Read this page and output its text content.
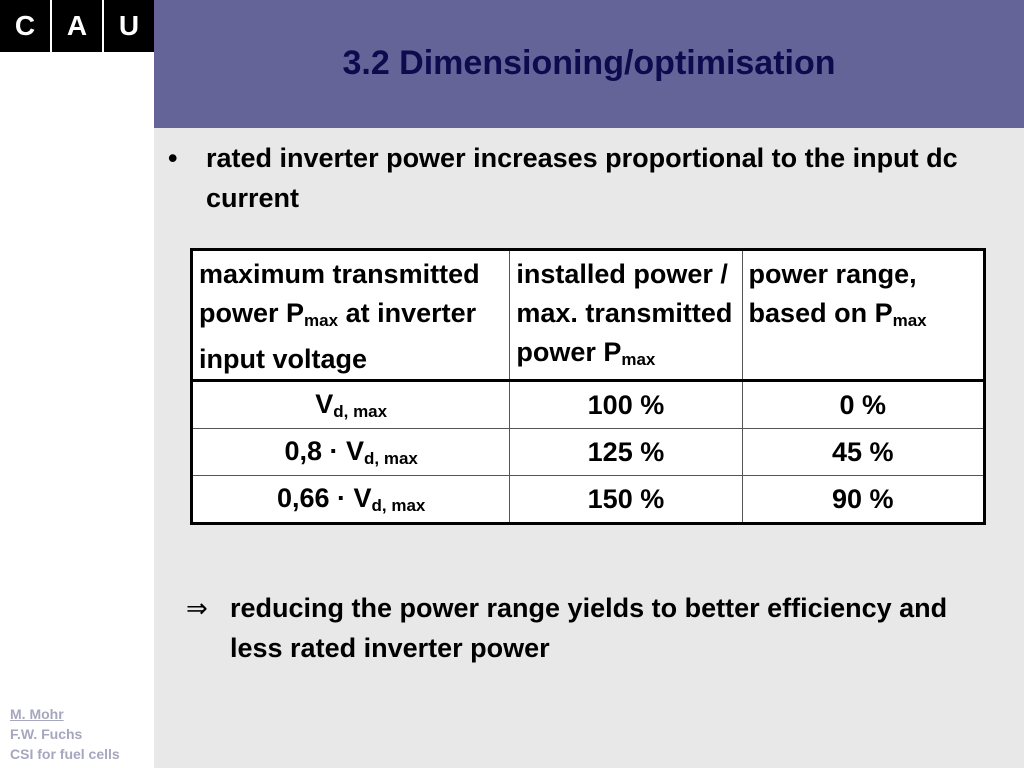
C	A	U
M. Mohr
F.W. Fuchs
CSI for fuel cells
3.2 Dimensioning/optimisation
•	rated inverter power increases proportional to the input dc current
maximum transmitted power $P_{max}$ at inverter input voltage	installed power / max. transmitted power $P_{max}$	power range, based on $P_{max}$
$V_{d, max}$	100 %	0 %
$0,8 \cdot V_{d, max}$	125 %	45 %
$0,66 \cdot V_{d, max}$	150 %	90 %
⇒ reducing the power range yields to better efficiency and less rated inverter power
